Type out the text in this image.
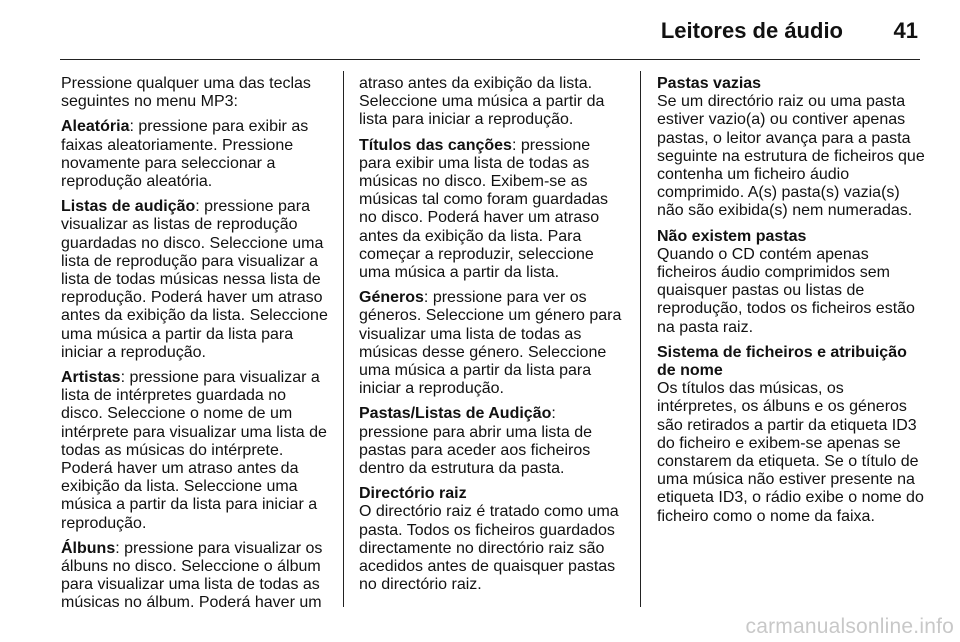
Leitores de áudio 41

Pressione qualquer uma das teclas seguintes no menu MP3:

Aleatória: pressione para exibir as faixas aleatoriamente. Pressione novamente para seleccionar a reprodução aleatória.

Listas de audição: pressione para visualizar as listas de reprodução guardadas no disco. Seleccione uma lista de reprodução para visualizar a lista de todas músicas nessa lista de reprodução. Poderá haver um atraso antes da exibição da lista. Seleccione uma música a partir da lista para iniciar a reprodução.

Artistas: pressione para visualizar a lista de intérpretes guardada no disco. Seleccione o nome de um intérprete para visualizar uma lista de todas as músicas do intérprete. Poderá haver um atraso antes da exibição da lista. Seleccione uma música a partir da lista para iniciar a reprodução.

Álbuns: pressione para visualizar os álbuns no disco. Seleccione o álbum para visualizar uma lista de todas as músicas no álbum. Poderá haver um

atraso antes da exibição da lista. Seleccione uma música a partir da lista para iniciar a reprodução.

Títulos das canções: pressione para exibir uma lista de todas as músicas no disco. Exibem-se as músicas tal como foram guardadas no disco. Poderá haver um atraso antes da exibição da lista. Para começar a reproduzir, seleccione uma música a partir da lista.

Géneros: pressione para ver os géneros. Seleccione um género para visualizar uma lista de todas as músicas desse género. Seleccione uma música a partir da lista para iniciar a reprodução.

Pastas/Listas de Audição: pressione para abrir uma lista de pastas para aceder aos ficheiros dentro da estrutura da pasta.

Directório raiz
O directório raiz é tratado como uma pasta. Todos os ficheiros guardados directamente no directório raiz são acedidos antes de quaisquer pastas no directório raiz.

Pastas vazias
Se um directório raiz ou uma pasta estiver vazio(a) ou contiver apenas pastas, o leitor avança para a pasta seguinte na estrutura de ficheiros que contenha um ficheiro áudio comprimido. A(s) pasta(s) vazia(s) não são exibida(s) nem numeradas.

Não existem pastas
Quando o CD contém apenas ficheiros áudio comprimidos sem quaisquer pastas ou listas de reprodução, todos os ficheiros estão na pasta raiz.

Sistema de ficheiros e atribuição de nome
Os títulos das músicas, os intérpretes, os álbuns e os géneros são retirados a partir da etiqueta ID3 do ficheiro e exibem-se apenas se constarem da etiqueta. Se o título de uma música não estiver presente na etiqueta ID3, o rádio exibe o nome do ficheiro como o nome da faixa.

carmanualsonline.info
